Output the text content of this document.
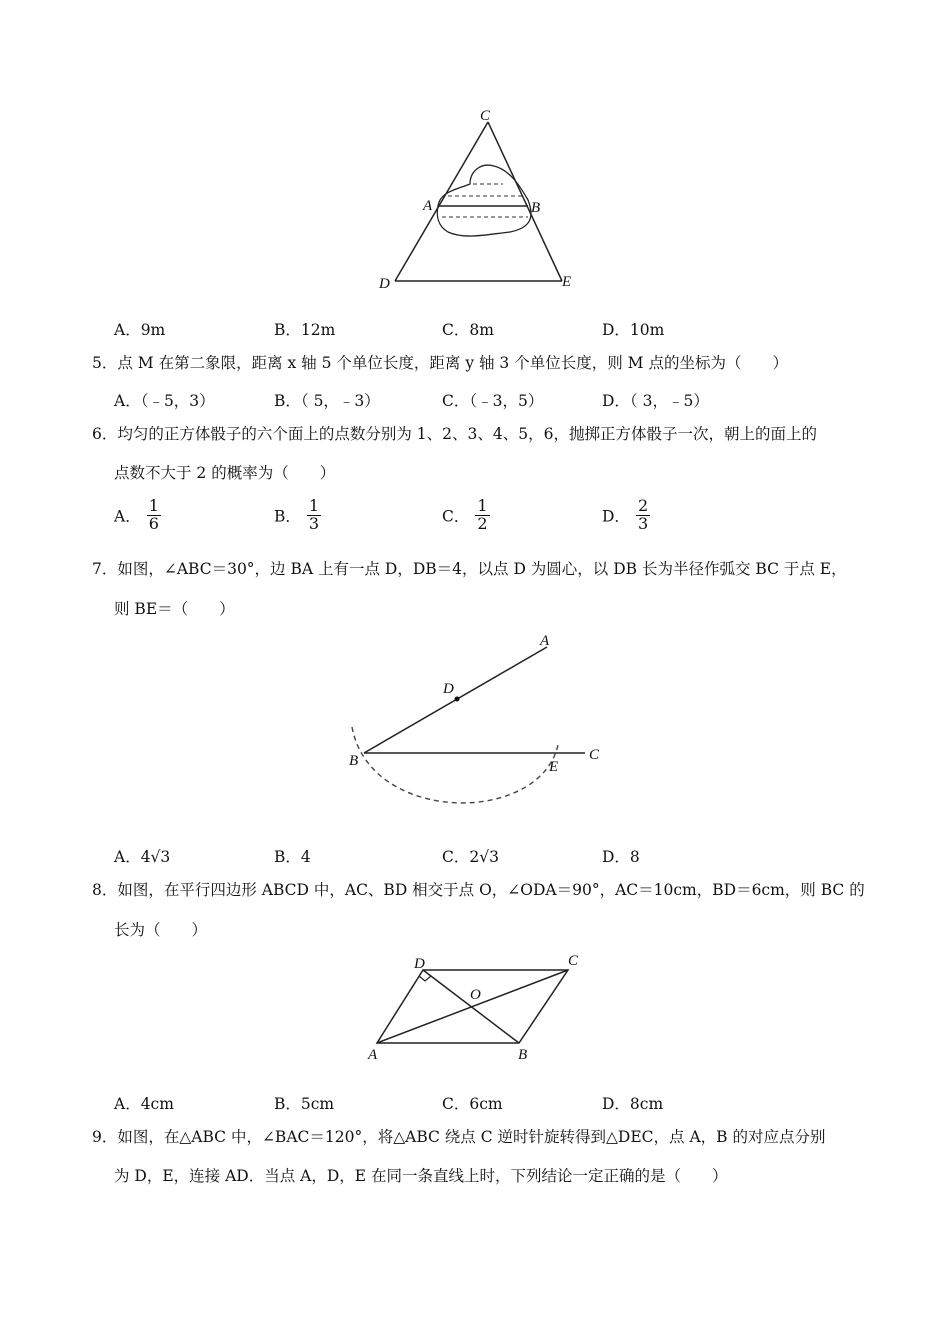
C
A	B
D	E
A．9m	B．12m	C．8m	D．10m
5．点 M 在第二象限，距离 x 轴 5 个单位长度，距离 y 轴 3 个单位长度，则 M 点的坐标为（　　）
A．（﹣5，3）	B．（ 5，﹣3）	C．（﹣3，5）	D．（ 3，﹣5）
6．均匀的正方体骰子的六个面上的点数分别为 1、2、3、4、5，6，抛掷正方体骰子一次，朝上的面上的
点数不大于 2 的概率为（　　）
A． $\frac{1}{6}$	B． $\frac{1}{3}$	C． $\frac{1}{2}$	D． $\frac{2}{3}$
7．如图，∠ABC＝30°，边 BA 上有一点 D，DB＝4，以点 D 为圆心，以 DB 长为半径作弧交 BC 于点 E，
则 BE＝（　　）
A
D
B	E
C
A．4√3	B．4	C．2√3	D．8
8．如图，在平行四边形 ABCD 中，AC、BD 相交于点 O，∠ODA＝90°，AC＝10cm，BD＝6cm，则 BC 的
长为（　　）
D	C
O
A	B
A．4cm	B．5cm	C．6cm	D．8cm
9．如图，在△ABC 中，∠BAC＝120°，将△ABC 绕点 C 逆时针旋转得到△DEC，点 A，B 的对应点分别
为 D，E，连接 AD．当点 A，D，E 在同一条直线上时，下列结论一定正确的是（　　）
